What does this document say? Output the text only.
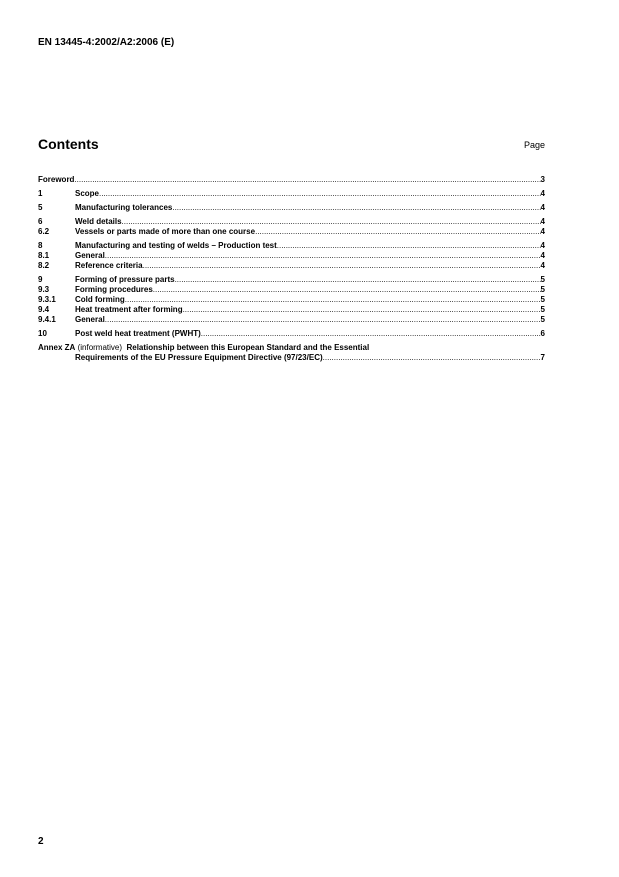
EN 13445-4:2002/A2:2006 (E)
Contents	Page
Foreword .....	3
1	Scope .....	4
5	Manufacturing tolerances .....	4
6	Weld details .....	4
6.2	Vessels or parts made of more than one course .....	4
8	Manufacturing and testing of welds – Production test .....	4
8.1	General .....	4
8.2	Reference criteria .....	4
9	Forming of pressure parts .....	5
9.3	Forming procedures .....	5
9.3.1	Cold forming .....	5
9.4	Heat treatment after forming .....	5
9.4.1	General .....	5
10	Post weld heat treatment (PWHT) .....	6
Annex ZA
(informative)
Relationship between this European Standard and the Essential
Requirements of the EU Pressure Equipment Directive (97/23/EC) .....	7
2
